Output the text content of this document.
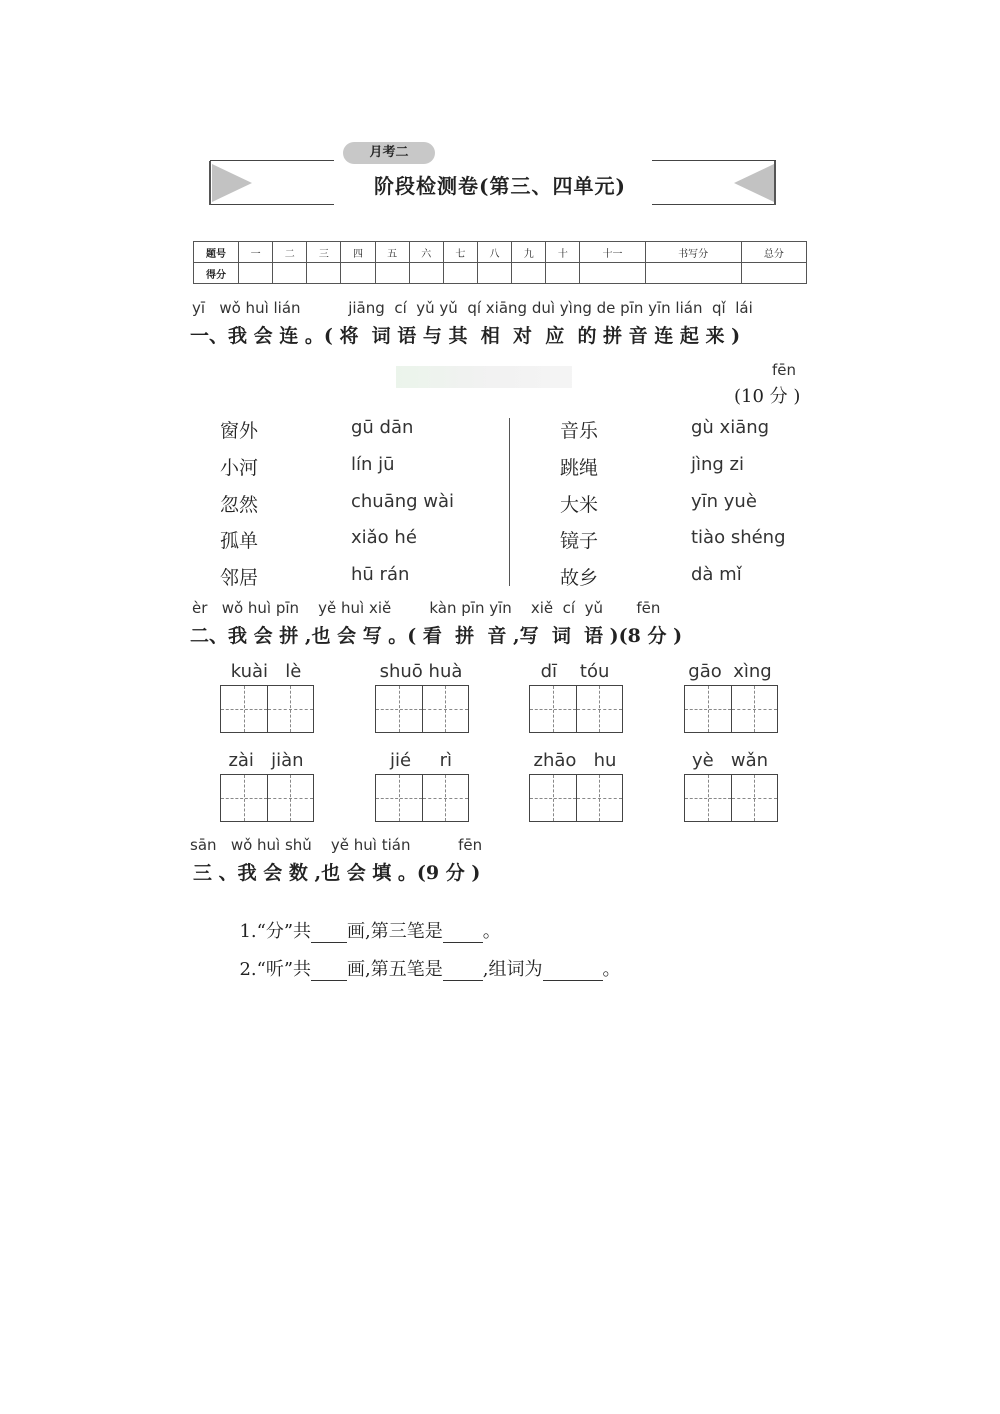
月考二
阶段检测卷(第三、四单元)
题号	一	二	三	四	五	六	七	八	九	十	十一	书写分	总分
得分													
yī   wǒ huì lián          jiāng  cí  yǔ yǔ  qí xiāng duì yìng de pīn yīn lián  qǐ  lái
一、我 会 连 。( 将  词 语 与 其  相  对  应  的 拼 音 连 起 来 )
fēn
(10 分 )
窗外
小河
忽然
孤单
邻居
gū dān
lín jū
chuāng wài
xiǎo hé
hū rán
音乐
跳绳
大米
镜子
故乡
gù xiāng
jìng zi
yīn yuè
tiào shéng
dà mǐ
èr   wǒ huì pīn    yě huì xiě        kàn pīn yīn    xiě  cí  yǔ       fēn
二、我 会 拼 ,也 会 写 。( 看  拼  音 ,写  词  语 )(8 分 )
kuài   lè	shuō huà	dī    tóu	gāo  xìng
zài   jiàn	jié     rì	zhāo   hu	yè   wǎn
sān   wǒ huì shǔ    yě huì tián          fēn
三 、我 会 数 ,也 会 填 。(9 分 )

1.“分”共 画,第三笔是 。

2.“听”共 画,第五笔是 ,组词为	。
